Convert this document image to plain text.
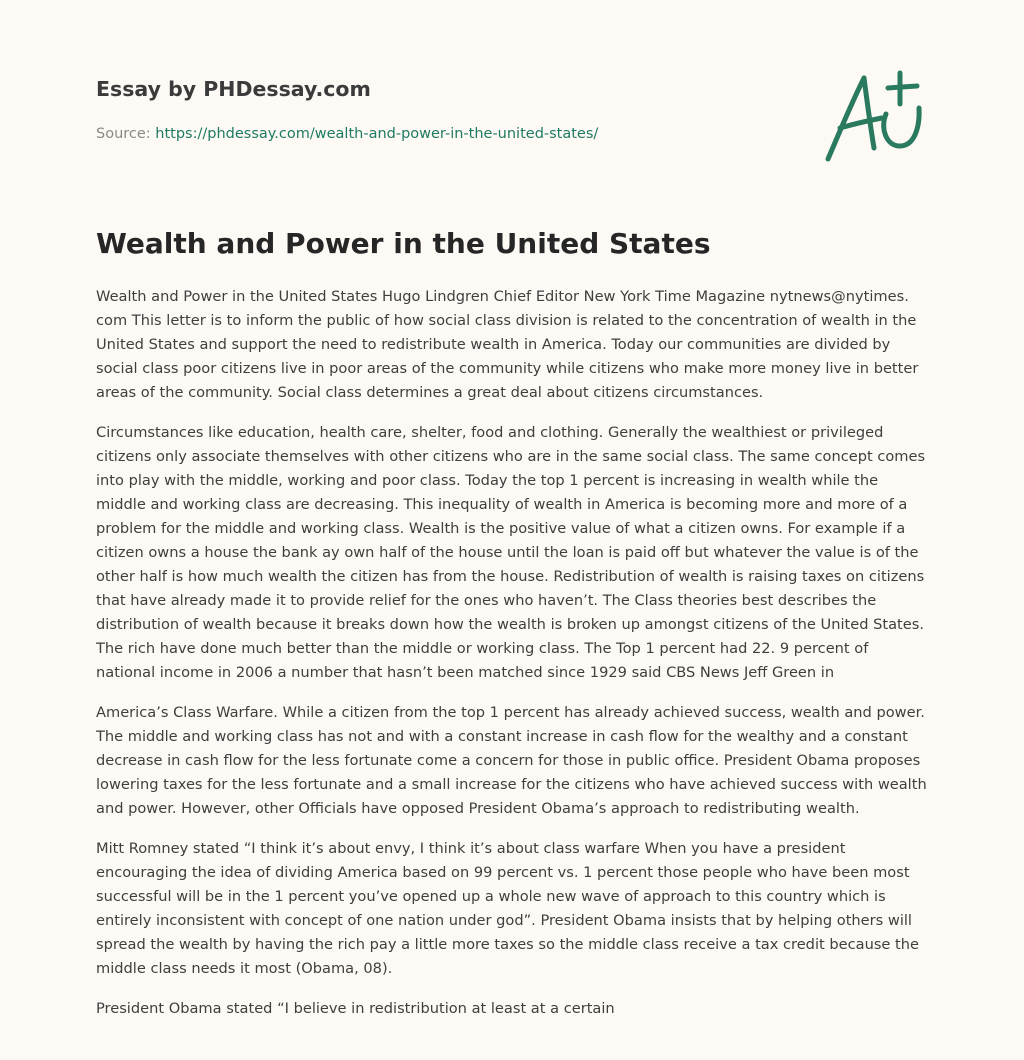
Essay by PHDessay.com
Source: https://phdessay.com/wealth-and-power-in-the-united-states/
Wealth and Power in the United States

Wealth and Power in the United States Hugo Lindgren Chief Editor New York Time Magazine nytnews@nytimes. com This letter is to inform the public of how social class division is related to the concentration of wealth in the United States and support the need to redistribute wealth in America. Today our communities are divided by social class poor citizens live in poor areas of the community while citizens who make more money live in better areas of the community. Social class determines a great deal about citizens circumstances.

Circumstances like education, health care, shelter, food and clothing. Generally the wealthiest or privileged citizens only associate themselves with other citizens who are in the same social class. The same concept comes into play with the middle, working and poor class. Today the top 1 percent is increasing in wealth while the middle and working class are decreasing. This inequality of wealth in America is becoming more and more of a problem for the middle and working class. Wealth is the positive value of what a citizen owns. For example if a citizen owns a house the bank ay own half of the house until the loan is paid off but whatever the value is of the other half is how much wealth the citizen has from the house. Redistribution of wealth is raising taxes on citizens that have already made it to provide relief for the ones who haven’t. The Class theories best describes the distribution of wealth because it breaks down how the wealth is broken up amongst citizens of the United States. The rich have done much better than the middle or working class. The Top 1 percent had 22. 9 percent of national income in 2006 a number that hasn’t been matched since 1929 said CBS News Jeff Green in

America’s Class Warfare. While a citizen from the top 1 percent has already achieved success, wealth and power. The middle and working class has not and with a constant increase in cash flow for the wealthy and a constant decrease in cash flow for the less fortunate come a concern for those in public office. President Obama proposes lowering taxes for the less fortunate and a small increase for the citizens who have achieved success with wealth and power. However, other Officials have opposed President Obama’s approach to redistributing wealth.

Mitt Romney stated “I think it’s about envy, I think it’s about class warfare When you have a president encouraging the idea of dividing America based on 99 percent vs. 1 percent those people who have been most successful will be in the 1 percent you’ve opened up a whole new wave of approach to this country which is entirely inconsistent with concept of one nation under god”. President Obama insists that by helping others will spread the wealth by having the rich pay a little more taxes so the middle class receive a tax credit because the middle class needs it most (Obama, 08).

President Obama stated “I believe in redistribution at least at a certain
